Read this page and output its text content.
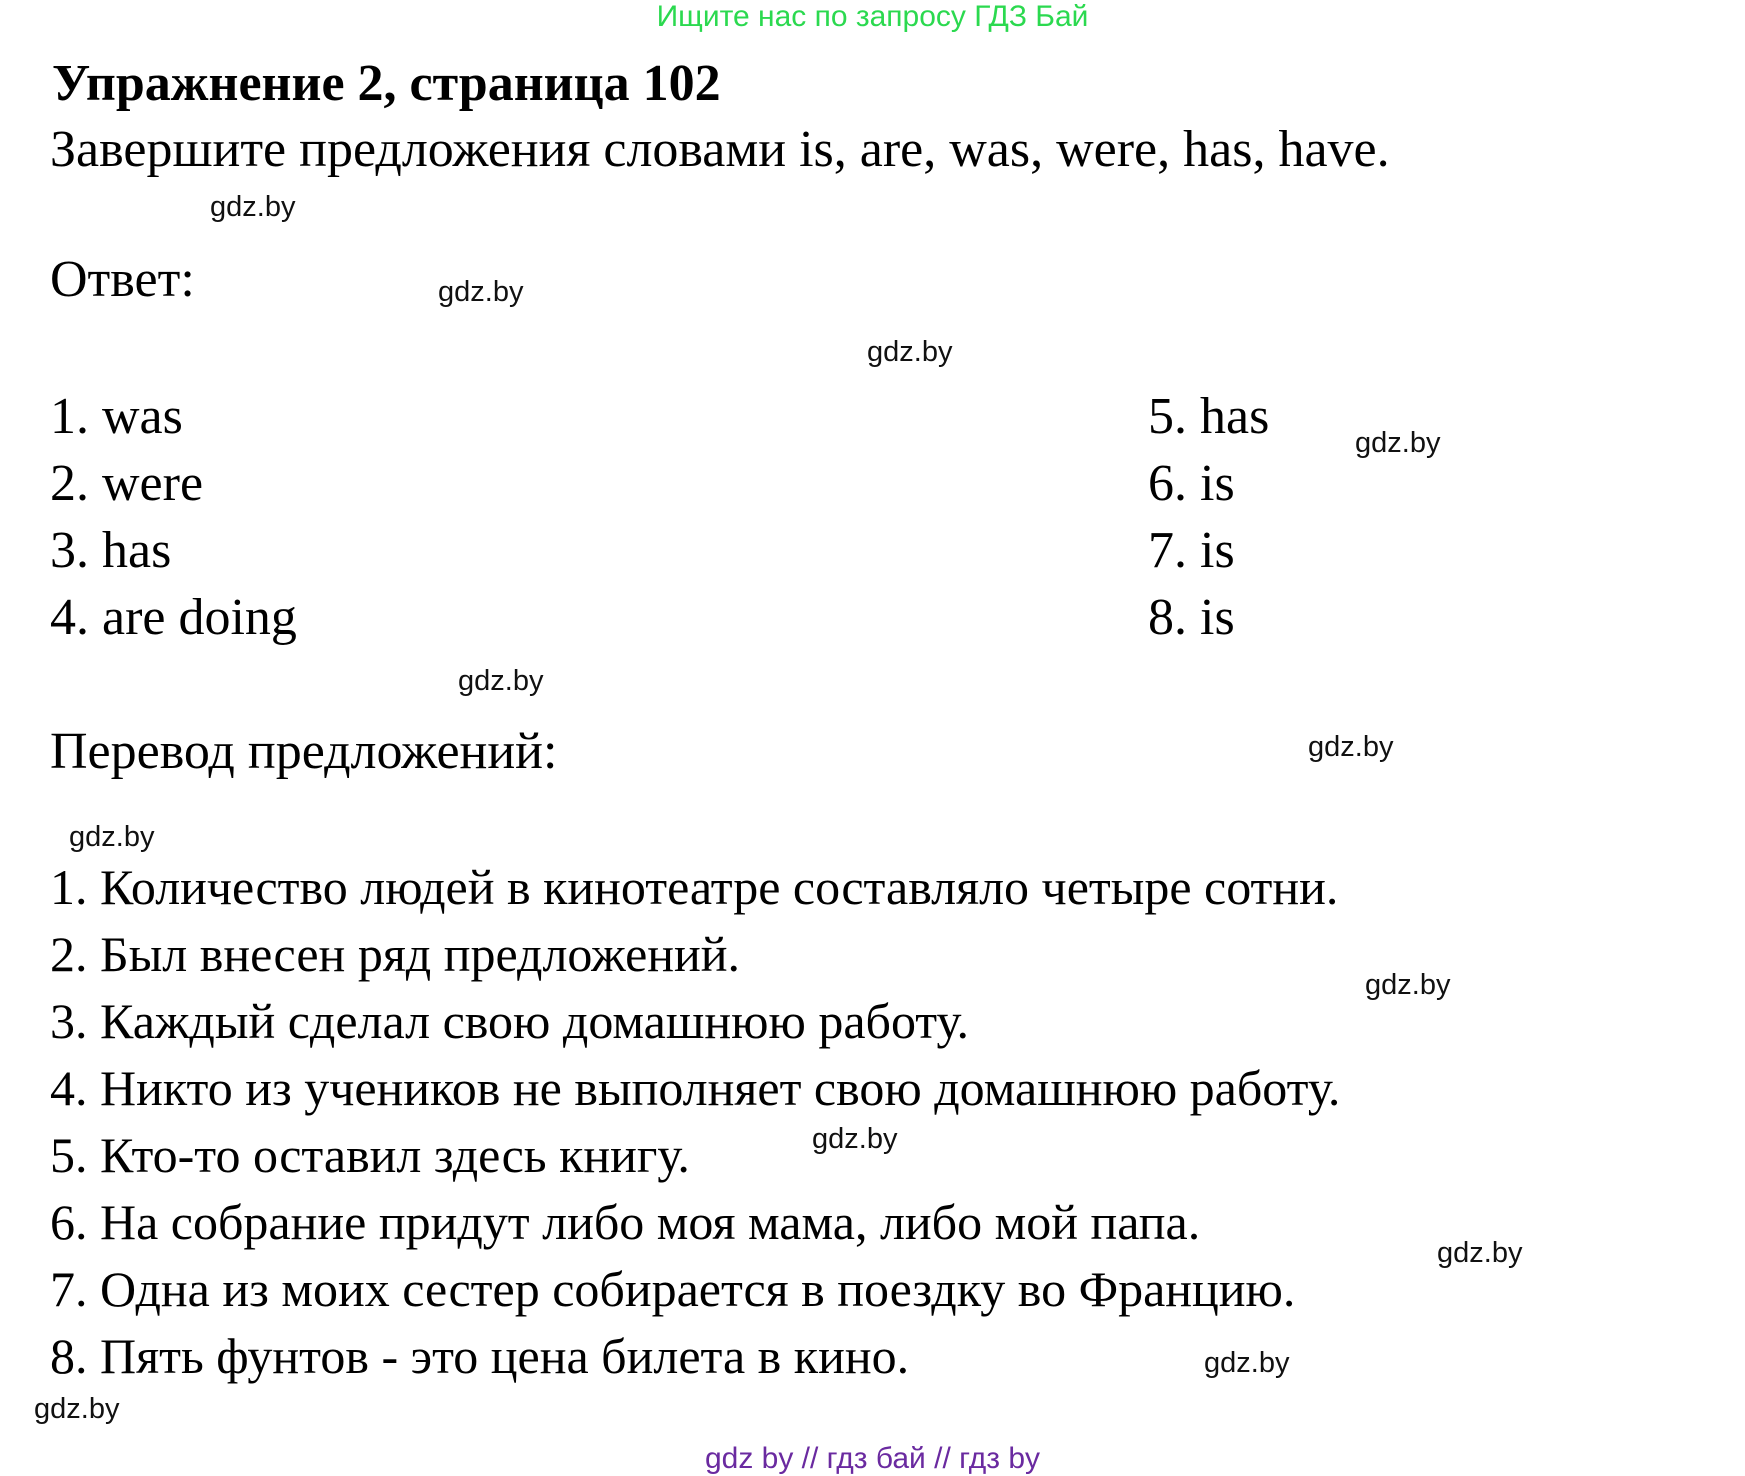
Ищите нас по запросу ГДЗ Бай
Упражнение 2, страница 102
Завершите предложения словами is, are, was, were, has, have.
Ответ:
1. was
2. were
3. has
4. are doing
5. has
6. is
7. is
8. is
Перевод предложений:
1. Количество людей в кинотеатре составляло четыре сотни.
2. Был внесен ряд предложений.
3. Каждый сделал свою домашнюю работу.
4. Никто из учеников не выполняет свою домашнюю работу.
5. Кто-то оставил здесь книгу.
6. На собрание придут либо моя мама, либо мой папа.
7. Одна из моих сестер собирается в поездку во Францию.
8. Пять фунтов - это цена билета в кино.
gdz.by
gdz.by
gdz.by
gdz.by
gdz.by
gdz.by
gdz.by
gdz.by
gdz.by
gdz.by
gdz.by
gdz.by
gdz by // гдз бай // гдз by
